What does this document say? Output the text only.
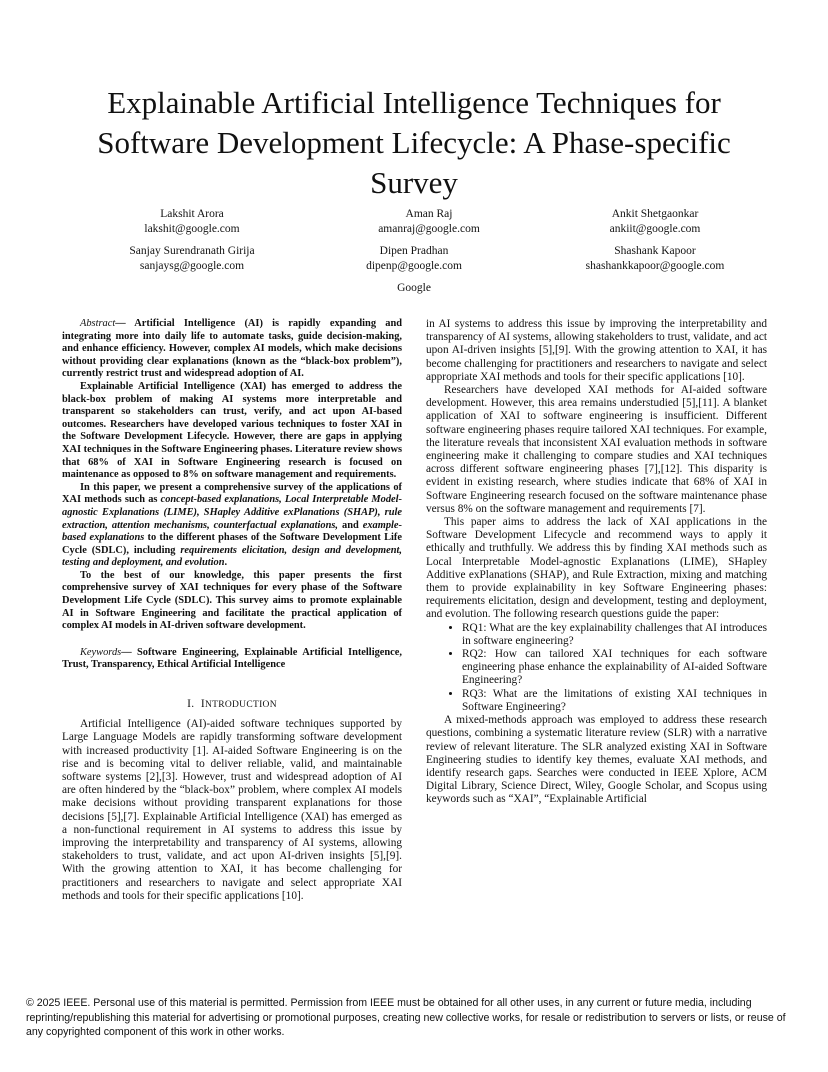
Explainable Artificial Intelligence Techniques for Software Development Lifecycle: A Phase-specific Survey
Lakshit Arora
lakshit@google.com
Aman Raj
amanraj@google.com
Ankit Shetgaonkar
ankiit@google.com
Sanjay Surendranath Girija
sanjaysg@google.com
Dipen Pradhan
dipenp@google.com
Shashank Kapoor
shashankkapoor@google.com
Google

Abstract— Artificial Intelligence (AI) is rapidly expanding and integrating more into daily life to automate tasks, guide decision-making, and enhance efficiency. However, complex AI models, which make decisions without providing clear explanations (known as the “black-box problem”), currently restrict trust and widespread adoption of AI.

Explainable Artificial Intelligence (XAI) has emerged to address the black-box problem of making AI systems more interpretable and transparent so stakeholders can trust, verify, and act upon AI-based outcomes. Researchers have developed various techniques to foster XAI in the Software Development Lifecycle. However, there are gaps in applying XAI techniques in the Software Engineering phases. Literature review shows that 68% of XAI in Software Engineering research is focused on maintenance as opposed to 8% on software management and requirements.

In this paper, we present a comprehensive survey of the applications of XAI methods such as concept-based explanations, Local Interpretable Model-agnostic Explanations (LIME), SHapley Additive exPlanations (SHAP), rule extraction, attention mechanisms, counterfactual explanations, and example-based explanations to the different phases of the Software Development Life Cycle (SDLC), including requirements elicitation, design and development, testing and deployment, and evolution.

To the best of our knowledge, this paper presents the first comprehensive survey of XAI techniques for every phase of the Software Development Life Cycle (SDLC). This survey aims to promote explainable AI in Software Engineering and facilitate the practical application of complex AI models in AI-driven software development.

Keywords— Software Engineering, Explainable Artificial Intelligence, Trust, Transparency, Ethical Artificial Intelligence

I. INTRODUCTION

Artificial Intelligence (AI)-aided software techniques supported by Large Language Models are rapidly transforming software development with increased productivity [1]. AI-aided Software Engineering is on the rise and is becoming vital to deliver reliable, valid, and maintainable software systems [2],[3]. However, trust and widespread adoption of AI are often hindered by the “black-box” problem, where complex AI models make decisions without providing transparent explanations for those decisions [5],[7]. Explainable Artificial Intelligence (XAI) has emerged as a non-functional requirement in AI systems to address this issue by improving the interpretability and transparency of AI systems, allowing stakeholders to trust, validate, and act upon AI-driven insights [5],[9]. With the growing attention to XAI, it has become challenging for practitioners and researchers to navigate and select appropriate XAI methods and tools for their specific applications [10].

in AI systems to address this issue by improving the interpretability and transparency of AI systems, allowing stakeholders to trust, validate, and act upon AI-driven insights [5],[9]. With the growing attention to XAI, it has become challenging for practitioners and researchers to navigate and select appropriate XAI methods and tools for their specific applications [10].

Researchers have developed XAI methods for AI-aided software development. However, this area remains understudied [5],[11]. A blanket application of XAI to software engineering is insufficient. Different software engineering phases require tailored XAI techniques. For example, the literature reveals that inconsistent XAI evaluation methods in software engineering make it challenging to compare studies and XAI techniques across different software engineering phases [7],[12]. This disparity is evident in existing research, where studies indicate that 68% of XAI in Software Engineering research focused on the software maintenance phase versus 8% on the software management and requirements [7].

This paper aims to address the lack of XAI applications in the Software Development Lifecycle and recommend ways to apply it ethically and truthfully. We address this by finding XAI methods such as Local Interpretable Model-agnostic Explanations (LIME), SHapley Additive exPlanations (SHAP), and Rule Extraction, mixing and matching them to provide explainability in key Software Engineering phases: requirements elicitation, design and development, testing and deployment, and evolution. The following research questions guide the paper:

• RQ1: What are the key explainability challenges that AI introduces in software engineering?
• RQ2: How can tailored XAI techniques for each software engineering phase enhance the explainability of AI-aided Software Engineering?
• RQ3: What are the limitations of existing XAI techniques in Software Engineering?

A mixed-methods approach was employed to address these research questions, combining a systematic literature review (SLR) with a narrative review of relevant literature. The SLR analyzed existing XAI in Software Engineering studies to identify key themes, evaluate XAI methods, and identify research gaps. Searches were conducted in IEEE Xplore, ACM Digital Library, Science Direct, Wiley, Google Scholar, and Scopus using keywords such as “XAI”, “Explainable Artificial

© 2025 IEEE. Personal use of this material is permitted. Permission from IEEE must be obtained for all other uses, in any current or future media, including reprinting/republishing this material for advertising or promotional purposes, creating new collective works, for resale or redistribution to servers or lists, or reuse of any copyrighted component of this work in other works.
